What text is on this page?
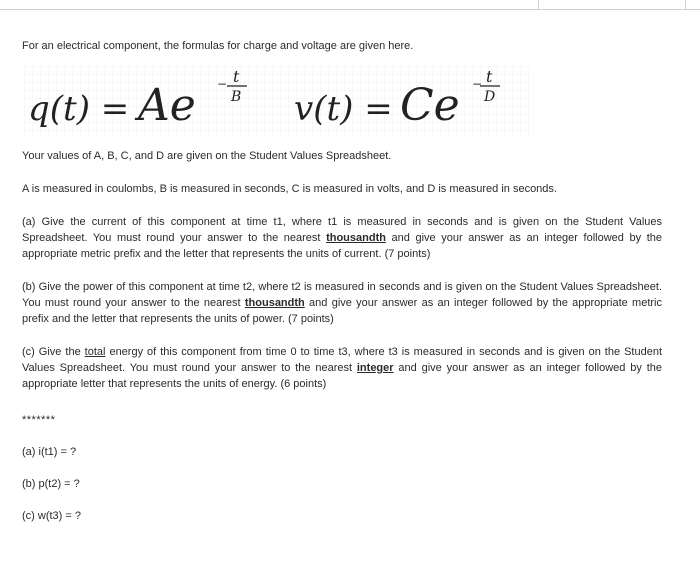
For an electrical component, the formulas for charge and voltage are given here.

q(t) = Ae − t
B v(t) = Ce − t
D

Your values of A, B, C, and D are given on the Student Values Spreadsheet.

A is measured in coulombs, B is measured in seconds, C is measured in volts, and D is measured in seconds.

(a) Give the current of this component at time t1, where t1 is measured in seconds and is given on the Student Values Spreadsheet. You must round your answer to the nearest thousandth and give your answer as an integer followed by the appropriate metric prefix and the letter that represents the units of current. (7 points)

(b) Give the power of this component at time t2, where t2 is measured in seconds and is given on the Student Values Spreadsheet. You must round your answer to the nearest thousandth and give your answer as an integer followed by the appropriate metric prefix and the letter that represents the units of power. (7 points)

(c) Give the total energy of this component from time 0 to time t3, where t3 is measured in seconds and is given on the Student Values Spreadsheet. You must round your answer to the nearest integer and give your answer as an integer followed by the appropriate letter that represents the units of energy. (6 points)

*******

(a) i(t1) = ?

(b) p(t2) = ?

(c) w(t3) = ?
